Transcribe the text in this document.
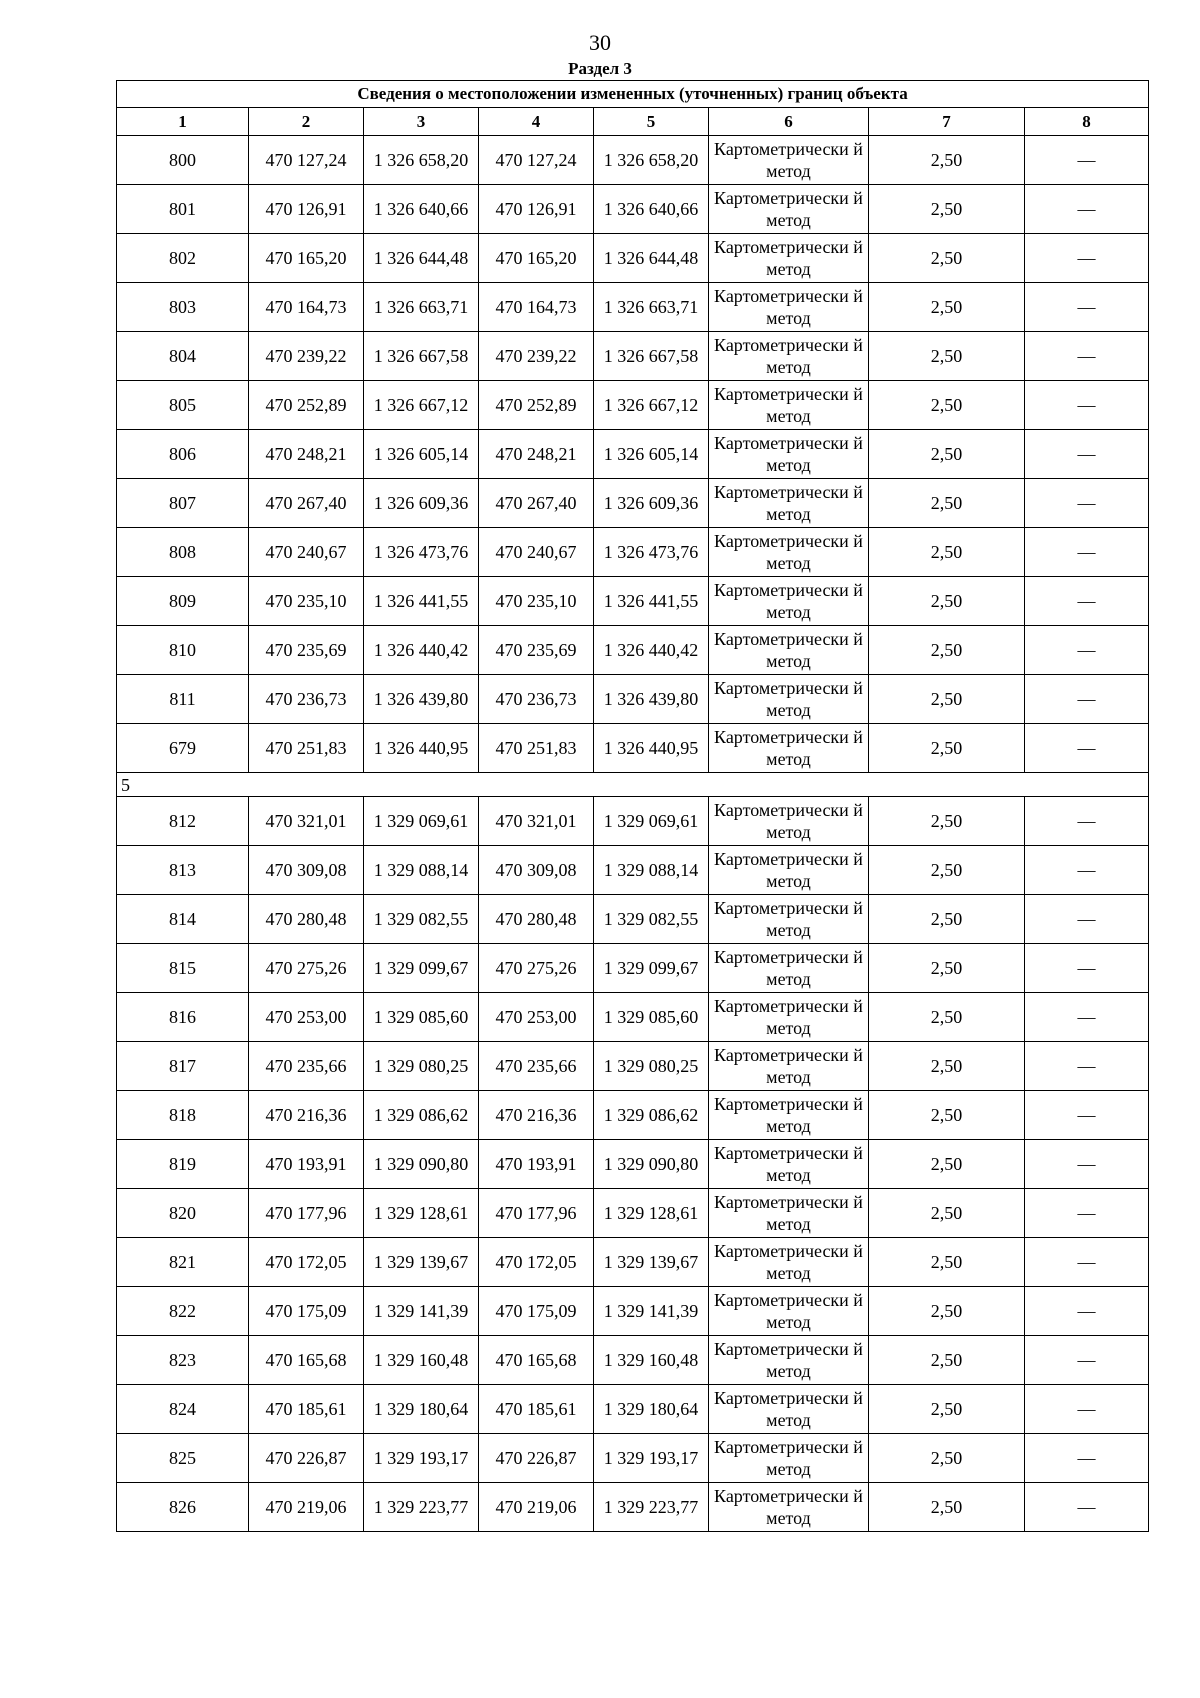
30
Раздел 3
Сведения о местоположении измененных (уточненных) границ объекта							
1	2	3	4	5	6	7	8
800	470 127,24	1 326 658,20	470 127,24	1 326 658,20	Картометрически й метод	2,50	—
801	470 126,91	1 326 640,66	470 126,91	1 326 640,66	Картометрически й метод	2,50	—
802	470 165,20	1 326 644,48	470 165,20	1 326 644,48	Картометрически й метод	2,50	—
803	470 164,73	1 326 663,71	470 164,73	1 326 663,71	Картометрически й метод	2,50	—
804	470 239,22	1 326 667,58	470 239,22	1 326 667,58	Картометрически й метод	2,50	—
805	470 252,89	1 326 667,12	470 252,89	1 326 667,12	Картометрически й метод	2,50	—
806	470 248,21	1 326 605,14	470 248,21	1 326 605,14	Картометрически й метод	2,50	—
807	470 267,40	1 326 609,36	470 267,40	1 326 609,36	Картометрически й метод	2,50	—
808	470 240,67	1 326 473,76	470 240,67	1 326 473,76	Картометрически й метод	2,50	—
809	470 235,10	1 326 441,55	470 235,10	1 326 441,55	Картометрически й метод	2,50	—
810	470 235,69	1 326 440,42	470 235,69	1 326 440,42	Картометрически й метод	2,50	—
811	470 236,73	1 326 439,80	470 236,73	1 326 439,80	Картометрически й метод	2,50	—
679	470 251,83	1 326 440,95	470 251,83	1 326 440,95	Картометрически й метод	2,50	—
5							
812	470 321,01	1 329 069,61	470 321,01	1 329 069,61	Картометрически й метод	2,50	—
813	470 309,08	1 329 088,14	470 309,08	1 329 088,14	Картометрически й метод	2,50	—
814	470 280,48	1 329 082,55	470 280,48	1 329 082,55	Картометрически й метод	2,50	—
815	470 275,26	1 329 099,67	470 275,26	1 329 099,67	Картометрически й метод	2,50	—
816	470 253,00	1 329 085,60	470 253,00	1 329 085,60	Картометрически й метод	2,50	—
817	470 235,66	1 329 080,25	470 235,66	1 329 080,25	Картометрически й метод	2,50	—
818	470 216,36	1 329 086,62	470 216,36	1 329 086,62	Картометрически й метод	2,50	—
819	470 193,91	1 329 090,80	470 193,91	1 329 090,80	Картометрически й метод	2,50	—
820	470 177,96	1 329 128,61	470 177,96	1 329 128,61	Картометрически й метод	2,50	—
821	470 172,05	1 329 139,67	470 172,05	1 329 139,67	Картометрически й метод	2,50	—
822	470 175,09	1 329 141,39	470 175,09	1 329 141,39	Картометрически й метод	2,50	—
823	470 165,68	1 329 160,48	470 165,68	1 329 160,48	Картометрически й метод	2,50	—
824	470 185,61	1 329 180,64	470 185,61	1 329 180,64	Картометрически й метод	2,50	—
825	470 226,87	1 329 193,17	470 226,87	1 329 193,17	Картометрически й метод	2,50	—
826	470 219,06	1 329 223,77	470 219,06	1 329 223,77	Картометрически й метод	2,50	—
